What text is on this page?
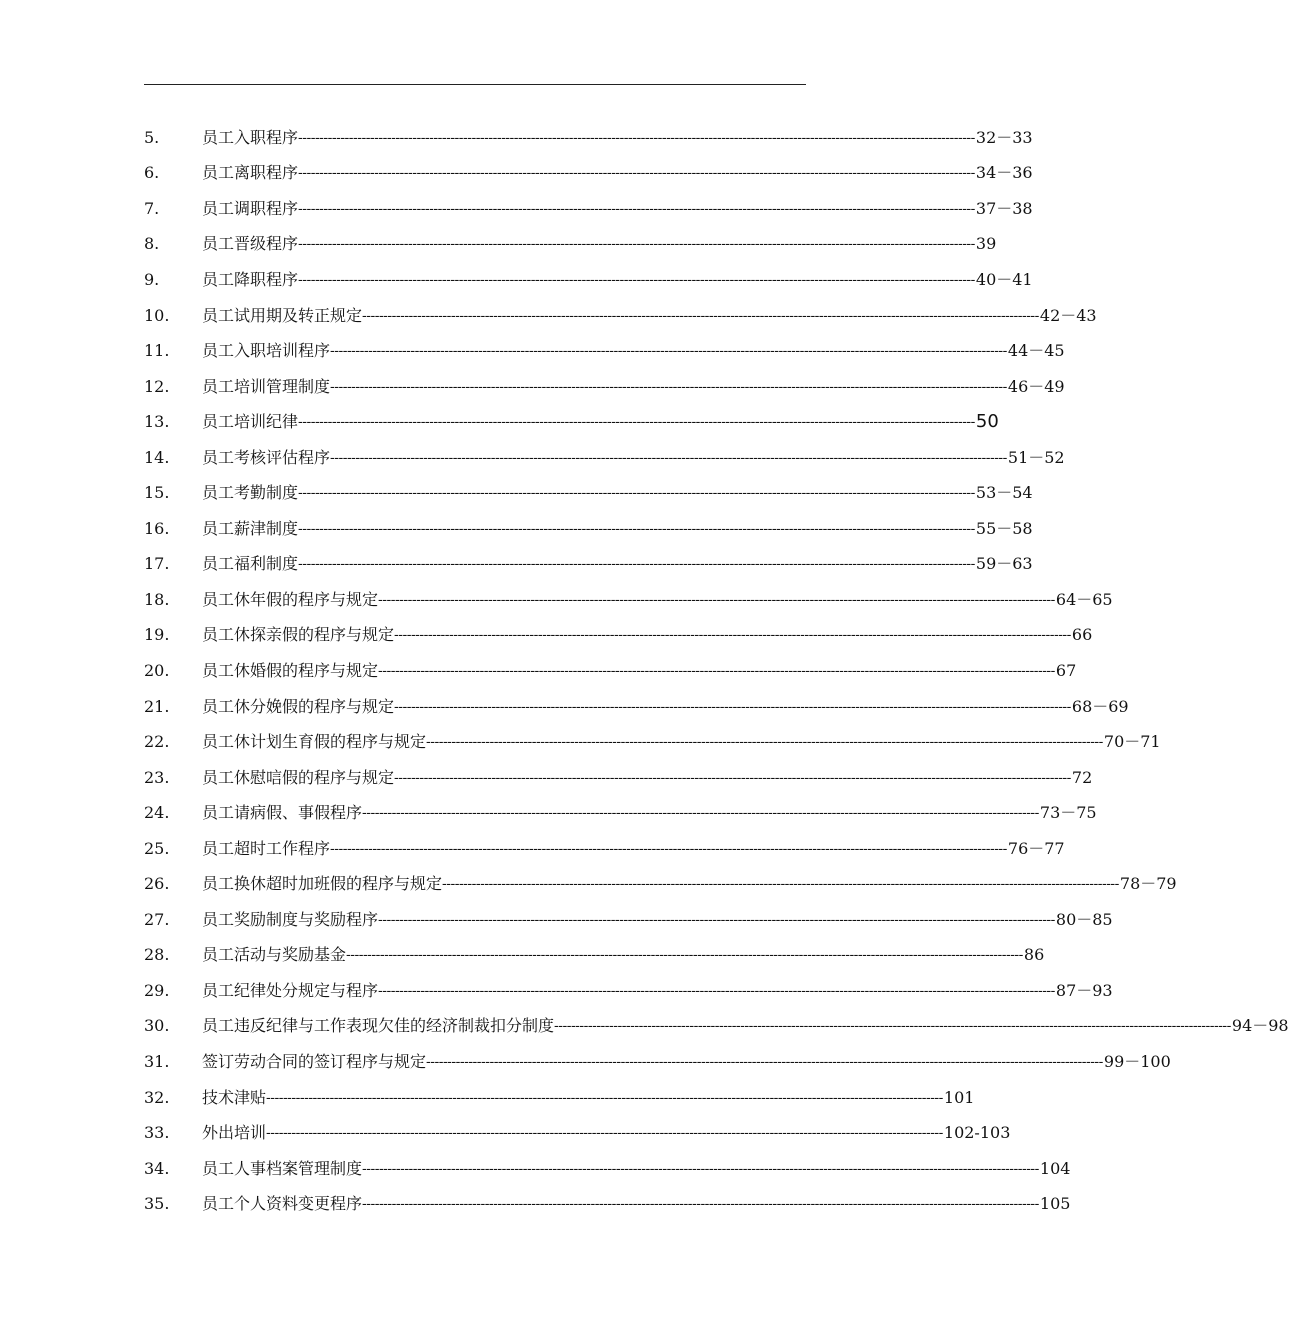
5.	员工入职程序 ---------------------------------------------------------------------------------------------------------------------------------------------------------------- 32－33
6.	员工离职程序 ---------------------------------------------------------------------------------------------------------------------------------------------------------------- 34－36
7.	员工调职程序 ---------------------------------------------------------------------------------------------------------------------------------------------------------------- 37－38
8.	员工晋级程序 ---------------------------------------------------------------------------------------------------------------------------------------------------------------- 39
9.	员工降职程序 ---------------------------------------------------------------------------------------------------------------------------------------------------------------- 40－41
10.	员工试用期及转正规定 ---------------------------------------------------------------------------------------------------------------------------------------------------------------- 42－43
11.	员工入职培训程序 ---------------------------------------------------------------------------------------------------------------------------------------------------------------- 44－45
12.	员工培训管理制度 ---------------------------------------------------------------------------------------------------------------------------------------------------------------- 46－49
13.	员工培训纪律 ---------------------------------------------------------------------------------------------------------------------------------------------------------------- 50
14.	员工考核评估程序 ---------------------------------------------------------------------------------------------------------------------------------------------------------------- 51－52
15.	员工考勤制度 ---------------------------------------------------------------------------------------------------------------------------------------------------------------- 53－54
16.	员工薪津制度 ---------------------------------------------------------------------------------------------------------------------------------------------------------------- 55－58
17.	员工福利制度 ---------------------------------------------------------------------------------------------------------------------------------------------------------------- 59－63
18.	员工休年假的程序与规定 ---------------------------------------------------------------------------------------------------------------------------------------------------------------- 64－65
19.	员工休探亲假的程序与规定 ---------------------------------------------------------------------------------------------------------------------------------------------------------------- 66
20.	员工休婚假的程序与规定 ---------------------------------------------------------------------------------------------------------------------------------------------------------------- 67
21.	员工休分娩假的程序与规定 ---------------------------------------------------------------------------------------------------------------------------------------------------------------- 68－69
22.	员工休计划生育假的程序与规定 ---------------------------------------------------------------------------------------------------------------------------------------------------------------- 70－71
23.	员工休慰唁假的程序与规定 ---------------------------------------------------------------------------------------------------------------------------------------------------------------- 72
24.	员工请病假、事假程序 ---------------------------------------------------------------------------------------------------------------------------------------------------------------- 73－75
25.	员工超时工作程序 ---------------------------------------------------------------------------------------------------------------------------------------------------------------- 76－77
26.	员工换休超时加班假的程序与规定 ---------------------------------------------------------------------------------------------------------------------------------------------------------------- 78－79
27.	员工奖励制度与奖励程序 ---------------------------------------------------------------------------------------------------------------------------------------------------------------- 80－85
28.	员工活动与奖励基金 ---------------------------------------------------------------------------------------------------------------------------------------------------------------- 86
29.	员工纪律处分规定与程序 ---------------------------------------------------------------------------------------------------------------------------------------------------------------- 87－93
30.	员工违反纪律与工作表现欠佳的经济制裁扣分制度 ---------------------------------------------------------------------------------------------------------------------------------------------------------------- 94－98
31.	签订劳动合同的签订程序与规定 ---------------------------------------------------------------------------------------------------------------------------------------------------------------- 99－100
32.	技术津贴 ---------------------------------------------------------------------------------------------------------------------------------------------------------------- 101
33.	外出培训 ---------------------------------------------------------------------------------------------------------------------------------------------------------------- 102-103
34.	员工人事档案管理制度 ---------------------------------------------------------------------------------------------------------------------------------------------------------------- 104
35.	员工个人资料变更程序 ---------------------------------------------------------------------------------------------------------------------------------------------------------------- 105
